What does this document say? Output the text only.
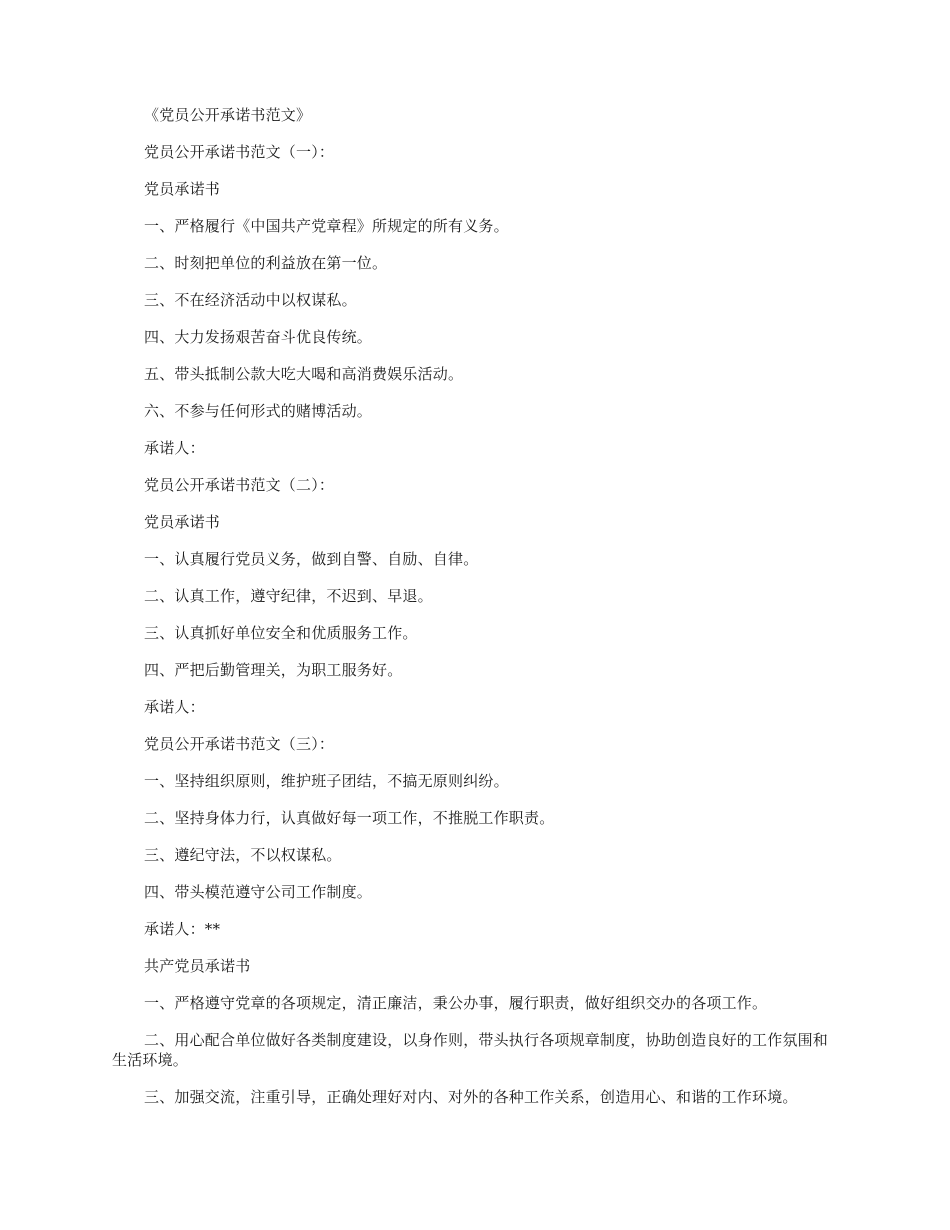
《党员公开承诺书范文》

党员公开承诺书范文（一）：

党员承诺书

一、严格履行《中国共产党章程》所规定的所有义务。

二、时刻把单位的利益放在第一位。

三、不在经济活动中以权谋私。

四、大力发扬艰苦奋斗优良传统。

五、带头抵制公款大吃大喝和高消费娱乐活动。

六、不参与任何形式的赌博活动。

承诺人：

党员公开承诺书范文（二）：

党员承诺书

一、认真履行党员义务，做到自警、自励、自律。

二、认真工作，遵守纪律，不迟到、早退。

三、认真抓好单位安全和优质服务工作。

四、严把后勤管理关，为职工服务好。

承诺人：

党员公开承诺书范文（三）：

一、坚持组织原则，维护班子团结，不搞无原则纠纷。

二、坚持身体力行，认真做好每一项工作，不推脱工作职责。

三、遵纪守法，不以权谋私。

四、带头模范遵守公司工作制度。

承诺人：**

共产党员承诺书

一、严格遵守党章的各项规定，清正廉洁，秉公办事，履行职责，做好组织交办的各项工作。

二、用心配合单位做好各类制度建设，以身作则，带头执行各项规章制度，协助创造良好的工作氛围和生活环境。

三、加强交流，注重引导，正确处理好对内、对外的各种工作关系，创造用心、和谐的工作环境。
